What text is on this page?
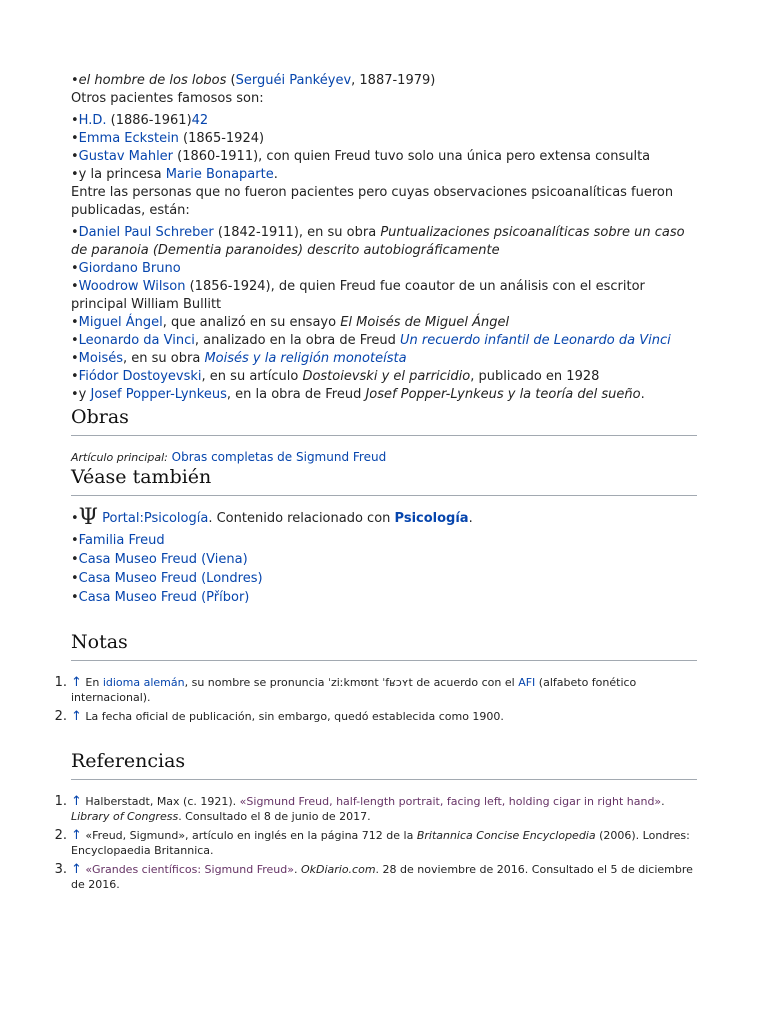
•el hombre de los lobos (Serguéi Pankéyev, 1887-1979)

Otros pacientes famosos son:

•H.D. (1886-1961)42

•Emma Eckstein (1865-1924)

•Gustav Mahler (1860-1911), con quien Freud tuvo solo una única pero extensa consulta

•y la princesa Marie Bonaparte.

Entre las personas que no fueron pacientes pero cuyas observaciones psicoanalíticas fueron publicadas, están:

•Daniel Paul Schreber (1842-1911), en su obra Puntualizaciones psicoanalíticas sobre un caso de paranoia (Dementia paranoides) descrito autobiográficamente

•Giordano Bruno

•Woodrow Wilson (1856-1924), de quien Freud fue coautor de un análisis con el escritor principal William Bullitt

•Miguel Ángel, que analizó en su ensayo El Moisés de Miguel Ángel

•Leonardo da Vinci, analizado en la obra de Freud Un recuerdo infantil de Leonardo da Vinci

•Moisés, en su obra Moisés y la religión monoteísta

•Fiódor Dostoyevski, en su artículo Dostoievski y el parricidio, publicado en 1928

•y Josef Popper-Lynkeus, en la obra de Freud Josef Popper-Lynkeus y la teoría del sueño.

Obras
Artículo principal: Obras completas de Sigmund Freud
Véase también

•Ψ Portal:Psicología. Contenido relacionado con Psicología.

•Familia Freud

•Casa Museo Freud (Viena)

•Casa Museo Freud (Londres)

•Casa Museo Freud (Příbor)

Notas
1. ↑ En idioma alemán, su nombre se pronuncia ˈziːkmʊnt ˈfʁɔʏt de acuerdo con el AFI (alfabeto fonético internacional).
2. ↑ La fecha oficial de publicación, sin embargo, quedó establecida como 1900.
Referencias
1. ↑ Halberstadt, Max (c. 1921). «Sigmund Freud, half-length portrait, facing left, holding cigar in right hand». Library of Congress. Consultado el 8 de junio de 2017.
2. ↑ «Freud, Sigmund», artículo en inglés en la página 712 de la Britannica Concise Encyclopedia (2006). Londres: Encyclopaedia Britannica.
3. ↑ «Grandes científicos: Sigmund Freud». OkDiario.com. 28 de noviembre de 2016. Consultado el 5 de diciembre de 2016.
